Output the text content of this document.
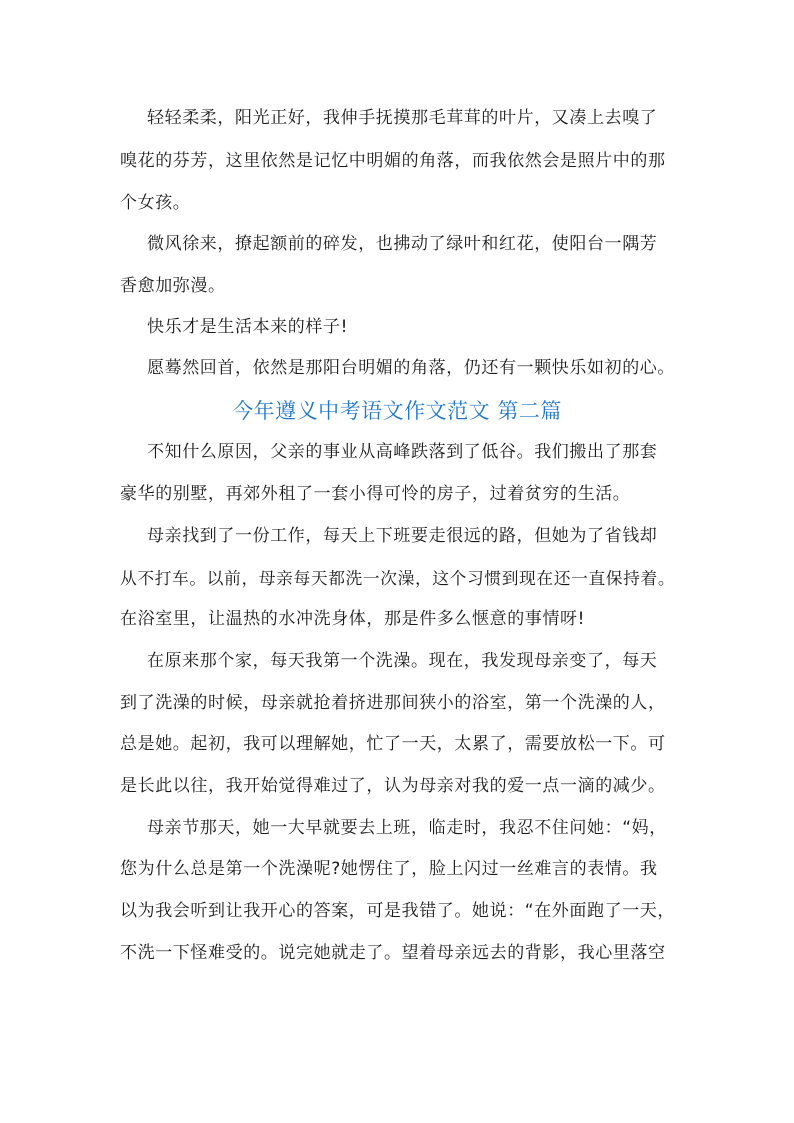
轻轻柔柔，阳光正好，我伸手抚摸那毛茸茸的叶片，又凑上去嗅了
嗅花的芬芳，这里依然是记忆中明媚的角落，而我依然会是照片中的那
个女孩。
微风徐来，撩起额前的碎发，也拂动了绿叶和红花，使阳台一隅芳
香愈加弥漫。
快乐才是生活本来的样子!
愿蓦然回首，依然是那阳台明媚的角落，仍还有一颗快乐如初的心。
今年遵义中考语文作文范文 第二篇
不知什么原因，父亲的事业从高峰跌落到了低谷。我们搬出了那套
豪华的别墅，再郊外租了一套小得可怜的房子，过着贫穷的生活。
母亲找到了一份工作，每天上下班要走很远的路，但她为了省钱却
从不打车。以前，母亲每天都洗一次澡，这个习惯到现在还一直保持着。
在浴室里，让温热的水冲洗身体，那是件多么惬意的事情呀!
在原来那个家，每天我第一个洗澡。现在，我发现母亲变了，每天
到了洗澡的时候，母亲就抢着挤进那间狭小的浴室，第一个洗澡的人，
总是她。起初，我可以理解她，忙了一天，太累了，需要放松一下。可
是长此以往，我开始觉得难过了，认为母亲对我的爱一点一滴的减少。
母亲节那天，她一大早就要去上班，临走时，我忍不住问她：“妈，
您为什么总是第一个洗澡呢?她愣住了，脸上闪过一丝难言的表情。我
以为我会听到让我开心的答案，可是我错了。她说：“在外面跑了一天，
不洗一下怪难受的。说完她就走了。望着母亲远去的背影，我心里落空
